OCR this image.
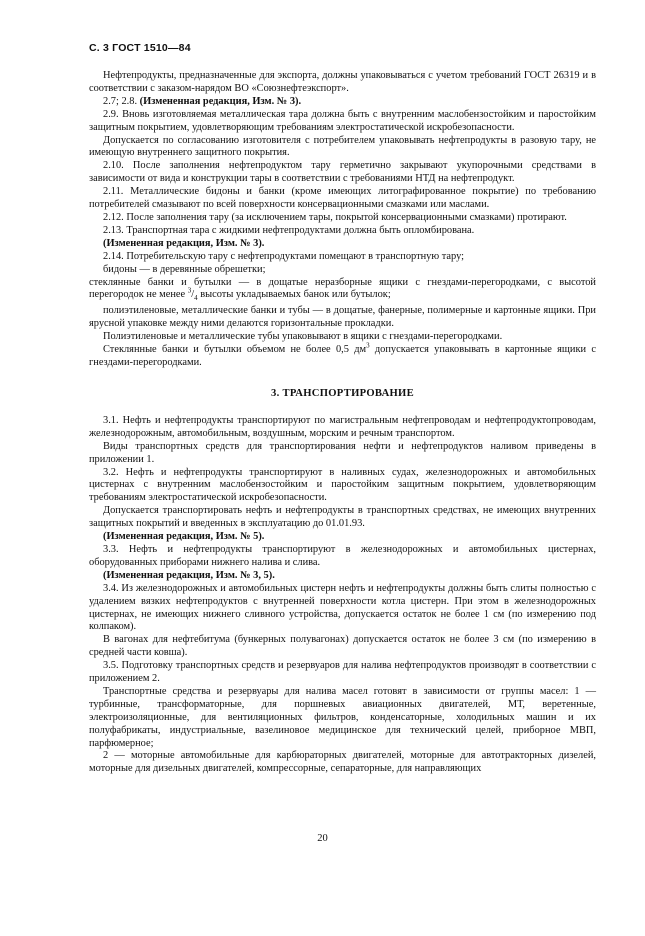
С. 3 ГОСТ 1510—84

Нефтепродукты, предназначенные для экспорта, должны упаковываться с учетом требований ГОСТ 26319 и в соответствии с заказом-нарядом ВО «Союзнефтеэкспорт».

2.7; 2.8. (Измененная редакция, Изм. № 3).

2.9. Вновь изготовляемая металлическая тара должна быть с внутренним маслобензостойким и паростойким защитным покрытием, удовлетворяющим требованиям электростатической искробезопасности.

Допускается по согласованию изготовителя с потребителем упаковывать нефтепродукты в разовую тару, не имеющую внутреннего защитного покрытия.

2.10. После заполнения нефтепродуктом тару герметично закрывают укупорочными средствами в зависимости от вида и конструкции тары в соответствии с требованиями НТД на нефтепродукт.

2.11. Металлические бидоны и банки (кроме имеющих литографированное покрытие) по требованию потребителей смазывают по всей поверхности консервационными смазками или маслами.

2.12. После заполнения тару (за исключением тары, покрытой консервационными смазками) протирают.

2.13. Транспортная тара с жидкими нефтепродуктами должна быть опломбирована.

(Измененная редакция, Изм. № 3).

2.14. Потребительскую тару с нефтепродуктами помещают в транспортную тару;

бидоны — в деревянные обрешетки;

стеклянные банки и бутылки — в дощатые неразборные ящики с гнездами-перегородками, с высотой перегородок не менее $^3/_4$ высоты укладываемых банок или бутылок;

полиэтиленовые, металлические банки и тубы — в дощатые, фанерные, полимерные и картонные ящики. При ярусной упаковке между ними делаются горизонтальные прокладки.

Полиэтиленовые и металлические тубы упаковывают в ящики с гнездами-перегородками.

Стеклянные банки и бутылки объемом не более 0,5 $дм^3$ допускается упаковывать в картонные ящики с гнездами-перегородками.

3. ТРАНСПОРТИРОВАНИЕ

3.1. Нефть и нефтепродукты транспортируют по магистральным нефтепроводам и нефтепродуктопроводам, железнодорожным, автомобильным, воздушным, морским и речным транспортом.

Виды транспортных средств для транспортирования нефти и нефтепродуктов наливом приведены в приложении 1.

3.2. Нефть и нефтепродукты транспортируют в наливных судах, железнодорожных и автомобильных цистернах с внутренним маслобензостойким и паростойким защитным покрытием, удовлетворяющим требованиям электростатической искробезопасности.

Допускается транспортировать нефть и нефтепродукты в транспортных средствах, не имеющих внутренних защитных покрытий и введенных в эксплуатацию до 01.01.93.

(Измененная редакция, Изм. № 5).

3.3. Нефть и нефтепродукты транспортируют в железнодорожных и автомобильных цистернах, оборудованных приборами нижнего налива и слива.

(Измененная редакция, Изм. № 3, 5).

3.4. Из железнодорожных и автомобильных цистерн нефть и нефтепродукты должны быть слиты полностью с удалением вязких нефтепродуктов с внутренней поверхности котла цистерн. При этом в железнодорожных цистернах, не имеющих нижнего сливного устройства, допускается остаток не более 1 см (по измерению под колпаком).

В вагонах для нефтебитума (бункерных полувагонах) допускается остаток не более 3 см (по измерению в средней части ковша).

3.5. Подготовку транспортных средств и резервуаров для налива нефтепродуктов производят в соответствии с приложением 2.

Транспортные средства и резервуары для налива масел готовят в зависимости от группы масел: 1 — турбинные, трансформаторные, для поршневых авиационных двигателей, МТ, веретенные, электроизоляционные, для вентиляционных фильтров, конденсаторные, холодильных машин и их полуфабрикаты, индустриальные, вазелиновое медицинское для технический целей, приборное МВП, парфюмерное;

2 — моторные автомобильные для карбюраторных двигателей, моторные для автотракторных дизелей, моторные для дизельных двигателей, компрессорные, сепараторные, для направляющих

20
